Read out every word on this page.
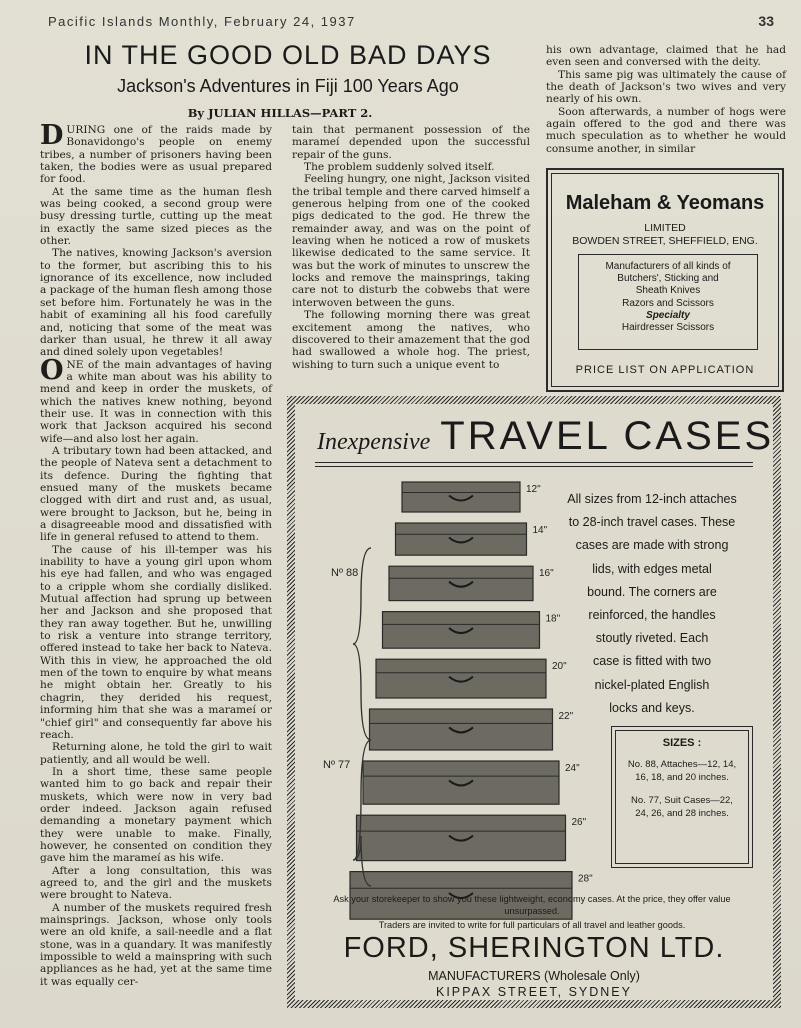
Pacific Islands Monthly, February 24, 1937	33
IN THE GOOD OLD BAD DAYS
Jackson's Adventures in Fiji 100 Years Ago
By JULIAN HILLAS—PART 2.

DURING one of the raids made by Bonavidongo's people on enemy tribes, a number of prisoners having been taken, the bodies were as usual prepared for food.

At the same time as the human flesh was being cooked, a second group were busy dressing turtle, cutting up the meat in exactly the same sized pieces as the other.

The natives, knowing Jackson's aversion to the former, but ascribing this to his ignorance of its excellence, now included a package of the human flesh among those set before him. Fortunately he was in the habit of examining all his food carefully and, noticing that some of the meat was darker than usual, he threw it all away and dined solely upon vegetables!

ONE of the main advantages of having a white man about was his ability to mend and keep in order the muskets, of which the natives knew nothing, beyond their use. It was in connection with this work that Jackson acquired his second wife—and also lost her again.

A tributary town had been attacked, and the people of Nateva sent a detachment to its defence. During the fighting that ensued many of the muskets became clogged with dirt and rust and, as usual, were brought to Jackson, but he, being in a disagreeable mood and dissatisfied with life in general refused to attend to them.

The cause of his ill-temper was his inability to have a young girl upon whom his eye had fallen, and who was engaged to a cripple whom she cordially disliked. Mutual affection had sprung up between her and Jackson and she proposed that they ran away together. But he, unwilling to risk a venture into strange territory, offered instead to take her back to Nateva. With this in view, he approached the old men of the town to enquire by what means he might obtain her. Greatly to his chagrin, they derided his request, informing him that she was a marameí or "chief girl" and consequently far above his reach.

Returning alone, he told the girl to wait patiently, and all would be well.

In a short time, these same people wanted him to go back and repair their muskets, which were now in very bad order indeed. Jackson again refused demanding a monetary payment which they were unable to make. Finally, however, he consented on condition they gave him the marameí as his wife.

After a long consultation, this was agreed to, and the girl and the muskets were brought to Nateva.

A number of the muskets required fresh mainsprings. Jackson, whose only tools were an old knife, a sail-needle and a flat stone, was in a quandary. It was manifestly impossible to weld a mainspring with such appliances as he had, yet at the same time it was equally cer-

tain that permanent possession of the marameí depended upon the successful repair of the guns.

The problem suddenly solved itself.

Feeling hungry, one night, Jackson visited the tribal temple and there carved himself a generous helping from one of the cooked pigs dedicated to the god. He threw the remainder away, and was on the point of leaving when he noticed a row of muskets likewise dedicated to the same service. It was but the work of minutes to unscrew the locks and remove the mainsprings, taking care not to disturb the cobwebs that were interwoven between the guns.

The following morning there was great excitement among the natives, who discovered to their amazement that the god had swallowed a whole hog. The priest, wishing to turn such a unique event to

his own advantage, claimed that he had even seen and conversed with the deity.

This same pig was ultimately the cause of the death of Jackson's two wives and very nearly of his own.

Soon afterwards, a number of hogs were again offered to the god and there was much speculation as to whether he would consume another, in similar

Maleham & Yeomans
LIMITED
BOWDEN STREET, SHEFFIELD, ENG.
Manufacturers of all kinds of
Butchers', Sticking and
Sheath Knives
Razors and Scissors
Specialty
Hairdresser Scissors
PRICE LIST ON APPLICATION
Inexpensive TRAVEL CASES
12"
14"
16"
18"
20"
22"
24"
26"
28"
Nº 88
Nº 77
All sizes from 12-inch attaches
to 28-inch travel cases. These
cases are made with strong
lids, with edges metal
bound. The corners are
reinforced, the handles
stoutly riveted. Each
case is fitted with two
nickel-plated English
locks and keys.
SIZES :
No. 88, Attaches—12, 14, 16, 18, and 20 inches.
No. 77, Suit Cases—22, 24, 26, and 28 inches.
Ask your storekeeper to show you these lightweight, economy cases. At the price, they offer value unsurpassed.
Traders are invited to write for full particulars of all travel and leather goods.
FORD, SHERINGTON LTD.
MANUFACTURERS (Wholesale Only)
KIPPAX STREET, SYDNEY
